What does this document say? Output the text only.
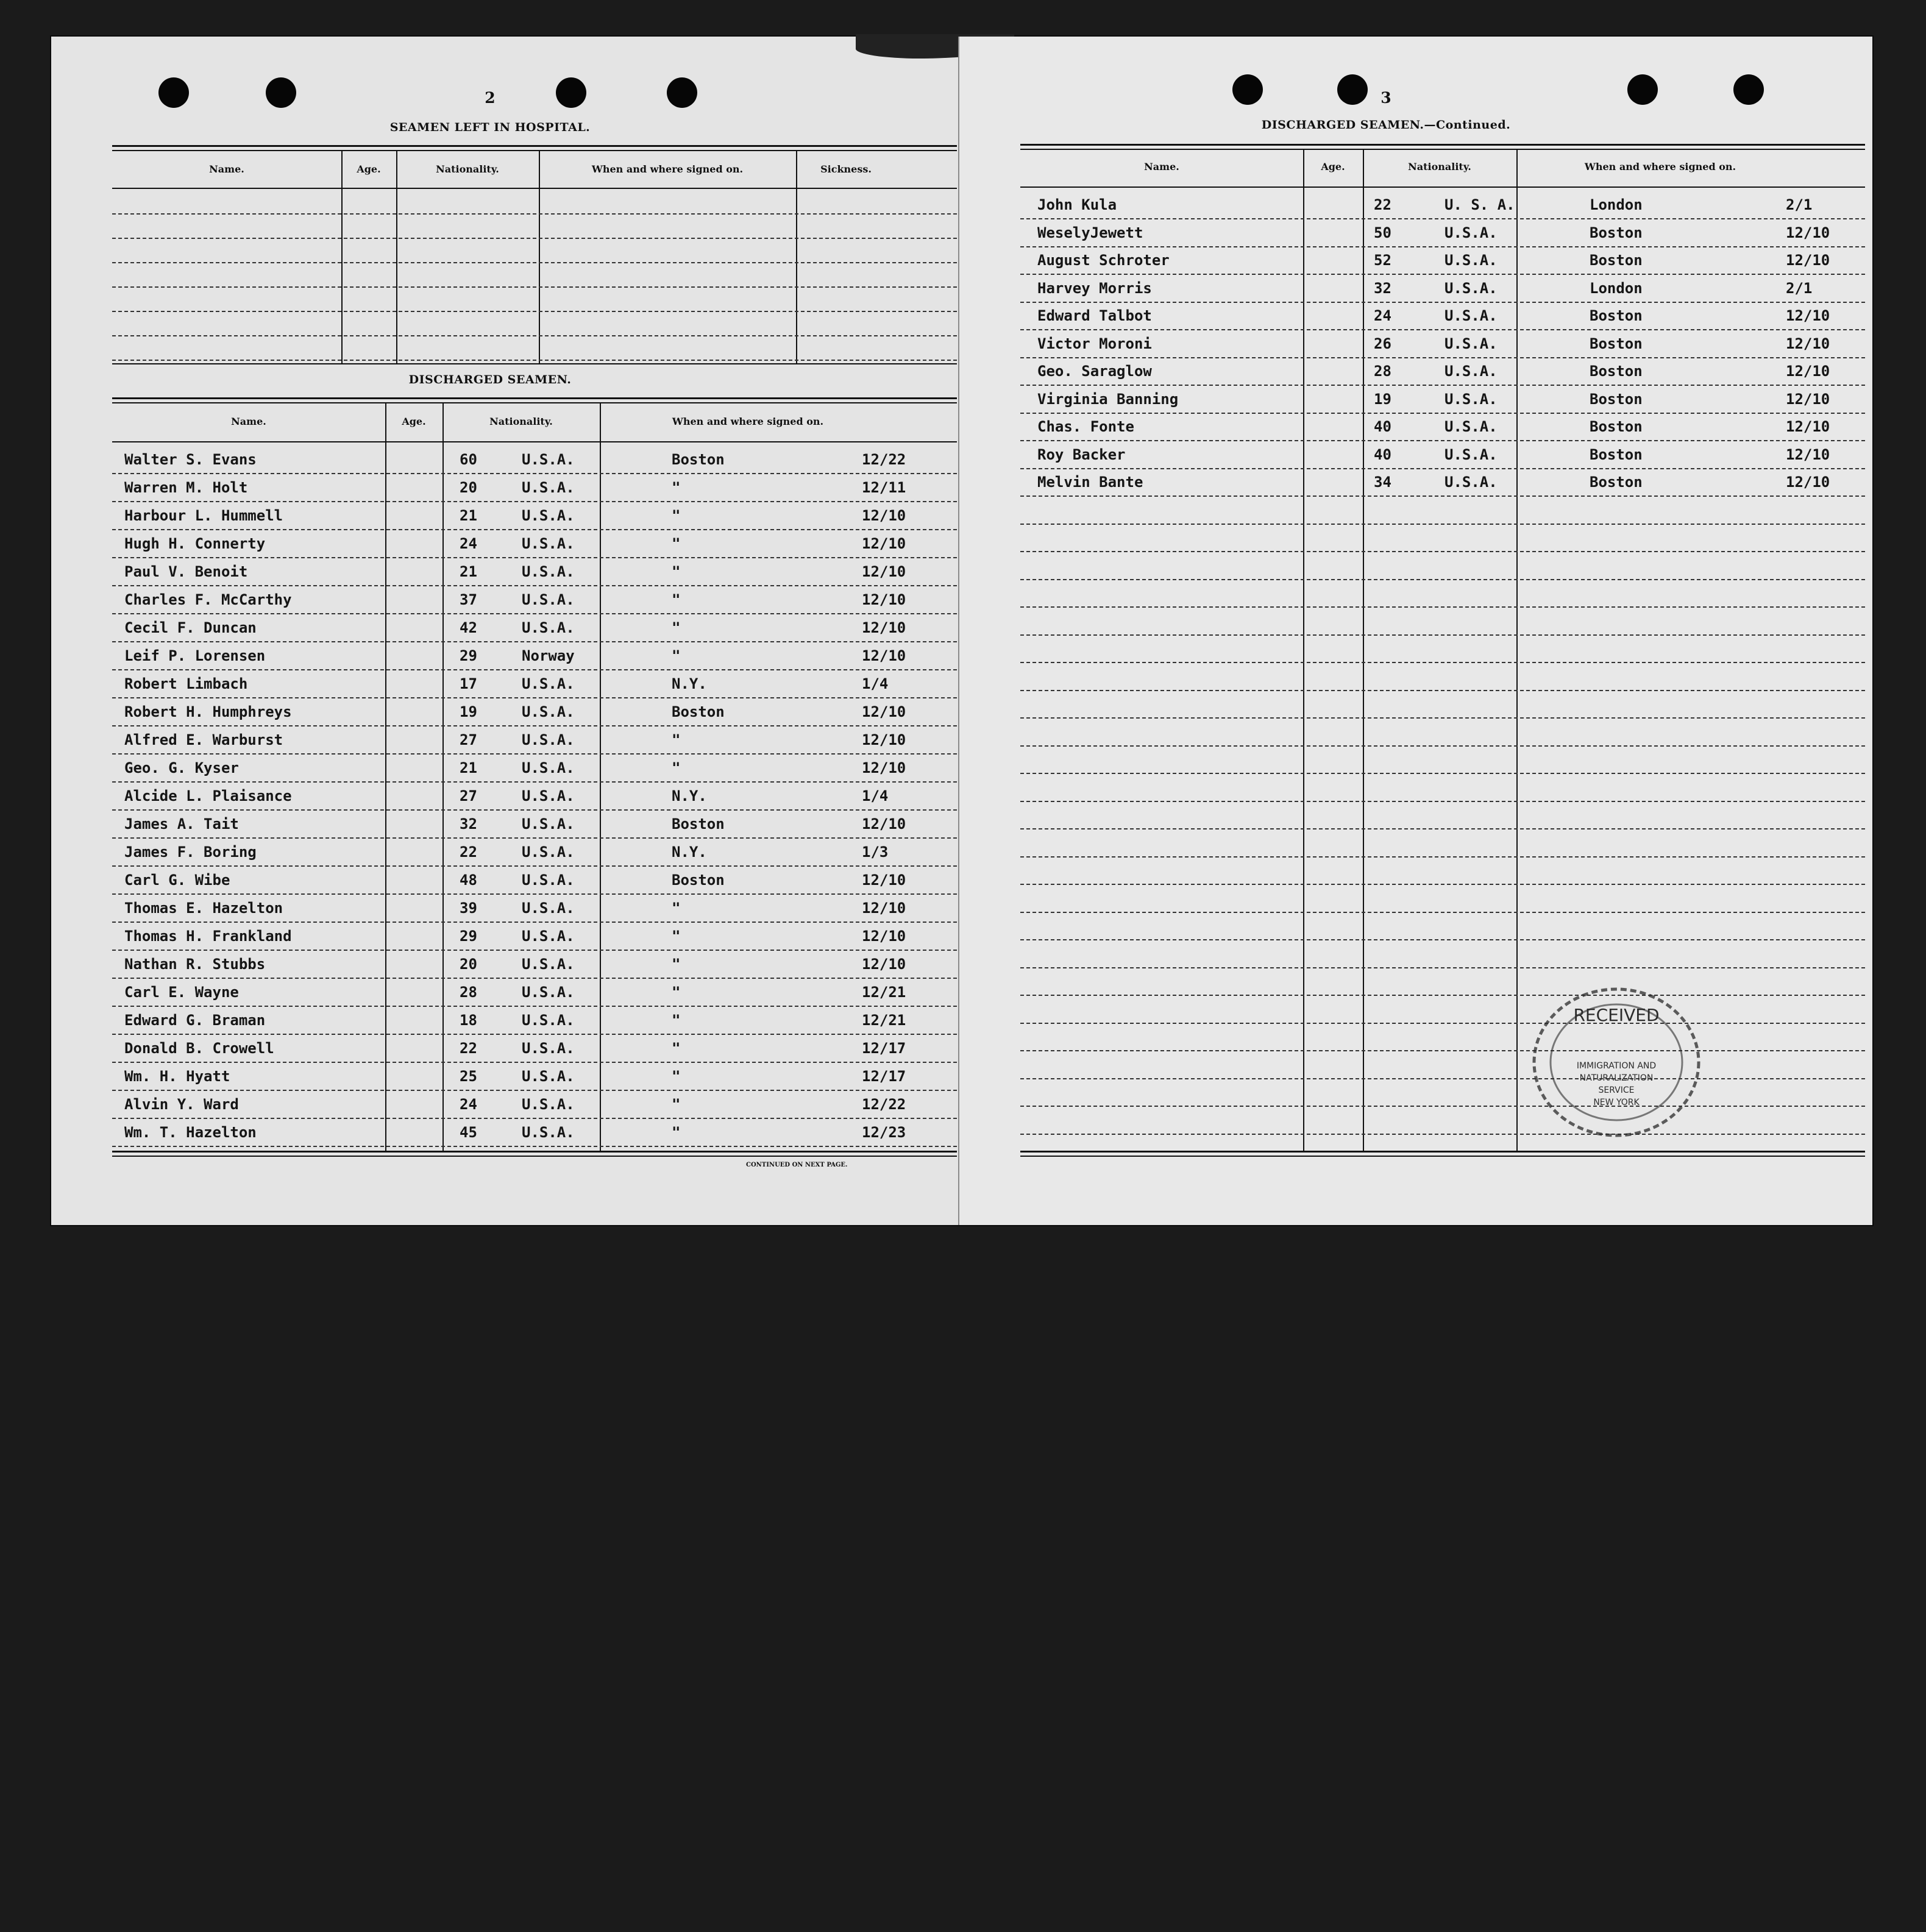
2
SEAMEN LEFT IN HOSPITAL.
Name.	Age.	Nationality.	When and where signed on.	Sickness.
DISCHARGED SEAMEN.
Name.	Age.	Nationality.	When and where signed on.
Walter S. Evans	60	U.S.A.	Boston	12/22
Warren M. Holt	20	U.S.A.	"	12/11
Harbour L. Hummell	21	U.S.A.	"	12/10
Hugh H. Connerty	24	U.S.A.	"	12/10
Paul V. Benoit	21	U.S.A.	"	12/10
Charles F. McCarthy	37	U.S.A.	"	12/10
Cecil F. Duncan	42	U.S.A.	"	12/10
Leif P. Lorensen	29	Norway	"	12/10
Robert Limbach	17	U.S.A.	N.Y.	1/4
Robert H. Humphreys	19	U.S.A.	Boston	12/10
Alfred E. Warburst	27	U.S.A.	"	12/10
Geo. G. Kyser	21	U.S.A.	"	12/10
Alcide L. Plaisance	27	U.S.A.	N.Y.	1/4
James A. Tait	32	U.S.A.	Boston	12/10
James F. Boring	22	U.S.A.	N.Y.	1/3
Carl G. Wibe	48	U.S.A.	Boston	12/10
Thomas E. Hazelton	39	U.S.A.	"	12/10
Thomas H. Frankland	29	U.S.A.	"	12/10
Nathan R. Stubbs	20	U.S.A.	"	12/10
Carl E. Wayne	28	U.S.A.	"	12/21
Edward G. Braman	18	U.S.A.	"	12/21
Donald B. Crowell	22	U.S.A.	"	12/17
Wm. H. Hyatt	25	U.S.A.	"	12/17
Alvin Y. Ward	24	U.S.A.	"	12/22
Wm. T. Hazelton	45	U.S.A.	"	12/23
CONTINUED ON NEXT PAGE.
3
DISCHARGED SEAMEN.—Continued.
Name.	Age.	Nationality.	When and where signed on.
John Kula	22	U. S. A.	London	2/1
WeselyJewett	50	U.S.A.	Boston	12/10
August Schroter	52	U.S.A.	Boston	12/10
Harvey Morris	32	U.S.A.	London	2/1
Edward Talbot	24	U.S.A.	Boston	12/10
Victor Moroni	26	U.S.A.	Boston	12/10
Geo. Saraglow	28	U.S.A.	Boston	12/10
Virginia Banning	19	U.S.A.	Boston	12/10
Chas. Fonte	40	U.S.A.	Boston	12/10
Roy Backer	40	U.S.A.	Boston	12/10
Melvin Bante	34	U.S.A.	Boston	12/10
RECEIVED
IMMIGRATION AND
NATURALIZATION
SERVICE
NEW YORK
